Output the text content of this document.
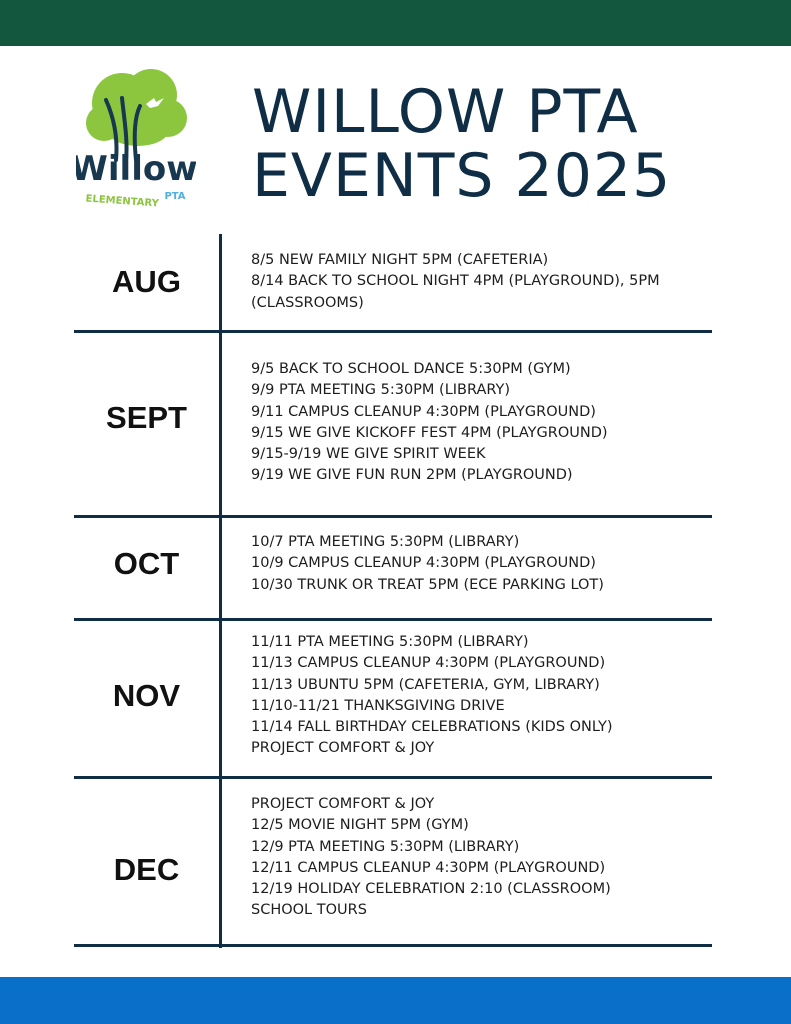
Willow
ELEMENTARY PTA
WILLOW PTA
EVENTS 2025
AUG
8/5 NEW FAMILY NIGHT 5PM (CAFETERIA)
8/14 BACK TO SCHOOL NIGHT 4PM (PLAYGROUND), 5PM
(CLASSROOMS)
SEPT
9/5 BACK TO SCHOOL DANCE 5:30PM (GYM)
9/9 PTA MEETING 5:30PM (LIBRARY)
9/11 CAMPUS CLEANUP 4:30PM (PLAYGROUND)
9/15 WE GIVE KICKOFF FEST 4PM (PLAYGROUND)
9/15-9/19 WE GIVE SPIRIT WEEK
9/19 WE GIVE FUN RUN 2PM (PLAYGROUND)
OCT
10/7 PTA MEETING 5:30PM (LIBRARY)
10/9 CAMPUS CLEANUP 4:30PM (PLAYGROUND)
10/30 TRUNK OR TREAT 5PM (ECE PARKING LOT)
NOV
11/11 PTA MEETING 5:30PM (LIBRARY)
11/13 CAMPUS CLEANUP 4:30PM (PLAYGROUND)
11/13 UBUNTU 5PM (CAFETERIA, GYM, LIBRARY)
11/10-11/21 THANKSGIVING DRIVE
11/14 FALL BIRTHDAY CELEBRATIONS (KIDS ONLY)
PROJECT COMFORT & JOY
DEC
PROJECT COMFORT & JOY
12/5 MOVIE NIGHT 5PM (GYM)
12/9 PTA MEETING 5:30PM (LIBRARY)
12/11 CAMPUS CLEANUP 4:30PM (PLAYGROUND)
12/19 HOLIDAY CELEBRATION 2:10 (CLASSROOM)
SCHOOL TOURS
